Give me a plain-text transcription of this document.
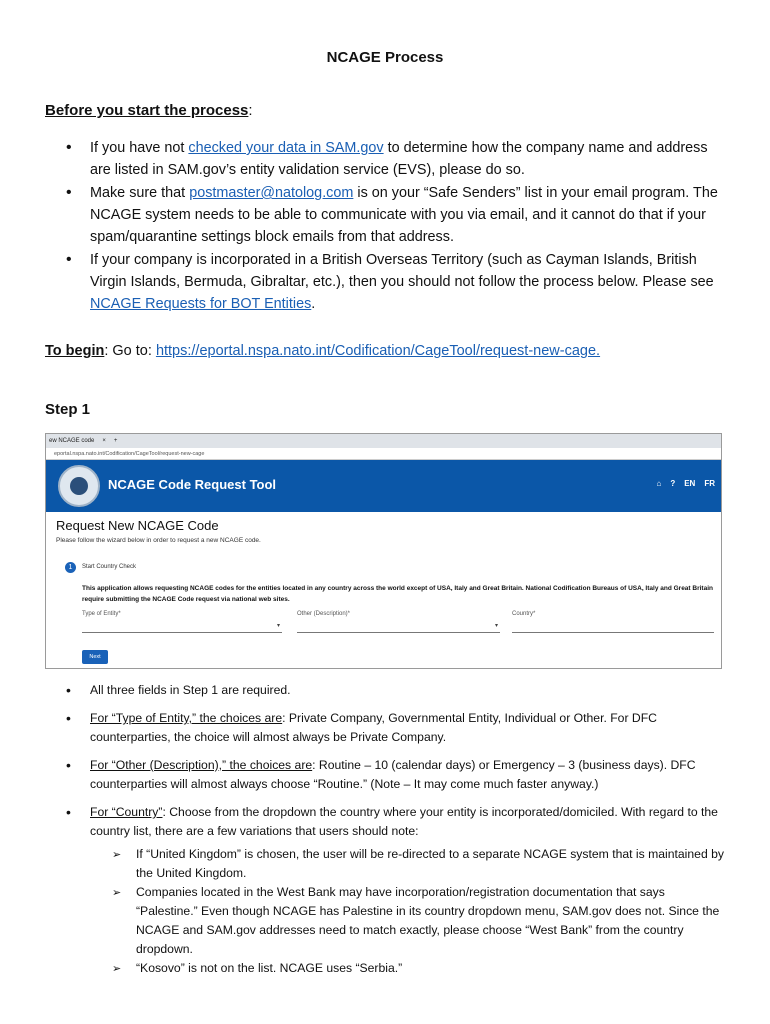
NCAGE Process
Before you start the process:
• If you have not checked your data in SAM.gov to determine how the company name and address are listed in SAM.gov’s entity validation service (EVS), please do so.
• Make sure that postmaster@natolog.com is on your “Safe Senders” list in your email program. The NCAGE system needs to be able to communicate with you via email, and it cannot do that if your spam/quarantine settings block emails from that address.
• If your company is incorporated in a British Overseas Territory (such as Cayman Islands, British Virgin Islands, Bermuda, Gibraltar, etc.), then you should not follow the process below. Please see NCAGE Requests for BOT Entities.
To begin: Go to: https://eportal.nspa.nato.int/Codification/CageTool/request-new-cage.
Step 1
ew NCAGE code × +
eportal.nspa.nato.int/Codification/CageTool/request-new-cage
NCAGE Code Request Tool	⌂ ? EN FR
Request New NCAGE Code
Please follow the wizard below in order to request a new NCAGE code.
1	Start Country Check
This application allows requesting NCAGE codes for the entities located in any country across the world except of USA, Italy and Great Britain. National Codification Bureaus of USA, Italy and Great Britain require submitting the NCAGE Code request via national web sites.
Type of Entity*
▾
Other (Description)*
▾
Country*
Next
• All three fields in Step 1 are required.
• For “Type of Entity,” the choices are: Private Company, Governmental Entity, Individual or Other. For DFC counterparties, the choice will almost always be Private Company.
• For “Other (Description),” the choices are: Routine – 10 (calendar days) or Emergency – 3 (business days). DFC counterparties will almost always choose “Routine.” (Note – It may come much faster anyway.)
• For “Country”: Choose from the dropdown the country where your entity is incorporated/domiciled. With regard to the country list, there are a few variations that users should note:
➢ If “United Kingdom” is chosen, the user will be re-directed to a separate NCAGE system that is maintained by the United Kingdom.
➢ Companies located in the West Bank may have incorporation/registration documentation that says “Palestine.” Even though NCAGE has Palestine in its country dropdown menu, SAM.gov does not. Since the NCAGE and SAM.gov addresses need to match exactly, please choose “West Bank” from the country dropdown.
➢ “Kosovo” is not on the list. NCAGE uses “Serbia.”
